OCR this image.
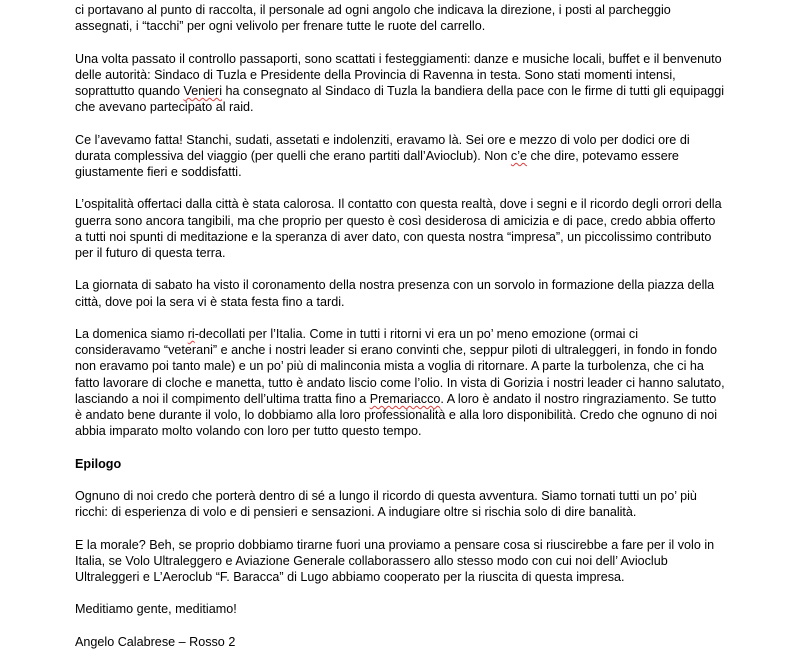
ci portavano al punto di raccolta, il personale ad ogni angolo che indicava la direzione, i posti al parcheggio assegnati, i “tacchi” per ogni velivolo per frenare tutte le ruote del carrello.

Una volta passato il controllo passaporti, sono scattati i festeggiamenti: danze e musiche locali, buffet e il benvenuto delle autorità: Sindaco di Tuzla e Presidente della Provincia di Ravenna in testa. Sono stati momenti intensi, soprattutto quando Venieri ha consegnato al Sindaco di Tuzla la bandiera della pace con le firme di tutti gli equipaggi che avevano partecipato al raid.

Ce l’avevamo fatta! Stanchi, sudati, assetati e indolenziti, eravamo là. Sei ore e mezzo di volo per dodici ore di durata complessiva del viaggio (per quelli che erano partiti dall’Avioclub). Non c’e che dire, potevamo essere giustamente fieri e soddisfatti.

L’ospitalità offertaci dalla città è stata calorosa. Il contatto con questa realtà, dove i segni e il ricordo degli orrori della guerra sono ancora tangibili, ma che proprio per questo è così desiderosa di amicizia e di pace, credo abbia offerto a tutti noi spunti di meditazione e la speranza di aver dato, con questa nostra “impresa”, un piccolissimo contributo per il futuro di questa terra.

La giornata di sabato ha visto il coronamento della nostra presenza con un sorvolo in formazione della piazza della città, dove poi la sera vi è stata festa fino a tardi.

La domenica siamo ri-decollati per l’Italia. Come in tutti i ritorni vi era un po’ meno emozione (ormai ci consideravamo “veterani” e anche i nostri leader si erano convinti che, seppur piloti di ultraleggeri, in fondo in fondo non eravamo poi tanto male) e un po’ più di malinconia mista a voglia di ritornare. A parte la turbolenza, che ci ha fatto lavorare di cloche e manetta, tutto è andato liscio come l’olio. In vista di Gorizia i nostri leader ci hanno salutato, lasciando a noi il compimento dell’ultima tratta fino a Premariacco. A loro è andato il nostro ringraziamento. Se tutto è andato bene durante il volo, lo dobbiamo alla loro professionalità e alla loro disponibilità. Credo che ognuno di noi abbia imparato molto volando con loro per tutto questo tempo.

Epilogo

Ognuno di noi credo che porterà dentro di sé a lungo il ricordo di questa avventura. Siamo tornati tutti un po’ più ricchi: di esperienza di volo e di pensieri e sensazioni. A indugiare oltre si rischia solo di dire banalità.

E la morale? Beh, se proprio dobbiamo tirarne fuori una proviamo a pensare cosa si riuscirebbe a fare per il volo in Italia, se Volo Ultraleggero e Aviazione Generale collaborassero allo stesso modo con cui noi dell’ Avioclub Ultraleggeri e L’Aeroclub “F. Baracca” di Lugo abbiamo cooperato per la riuscita di questa impresa.

Meditiamo gente, meditiamo!

Angelo Calabrese – Rosso 2
